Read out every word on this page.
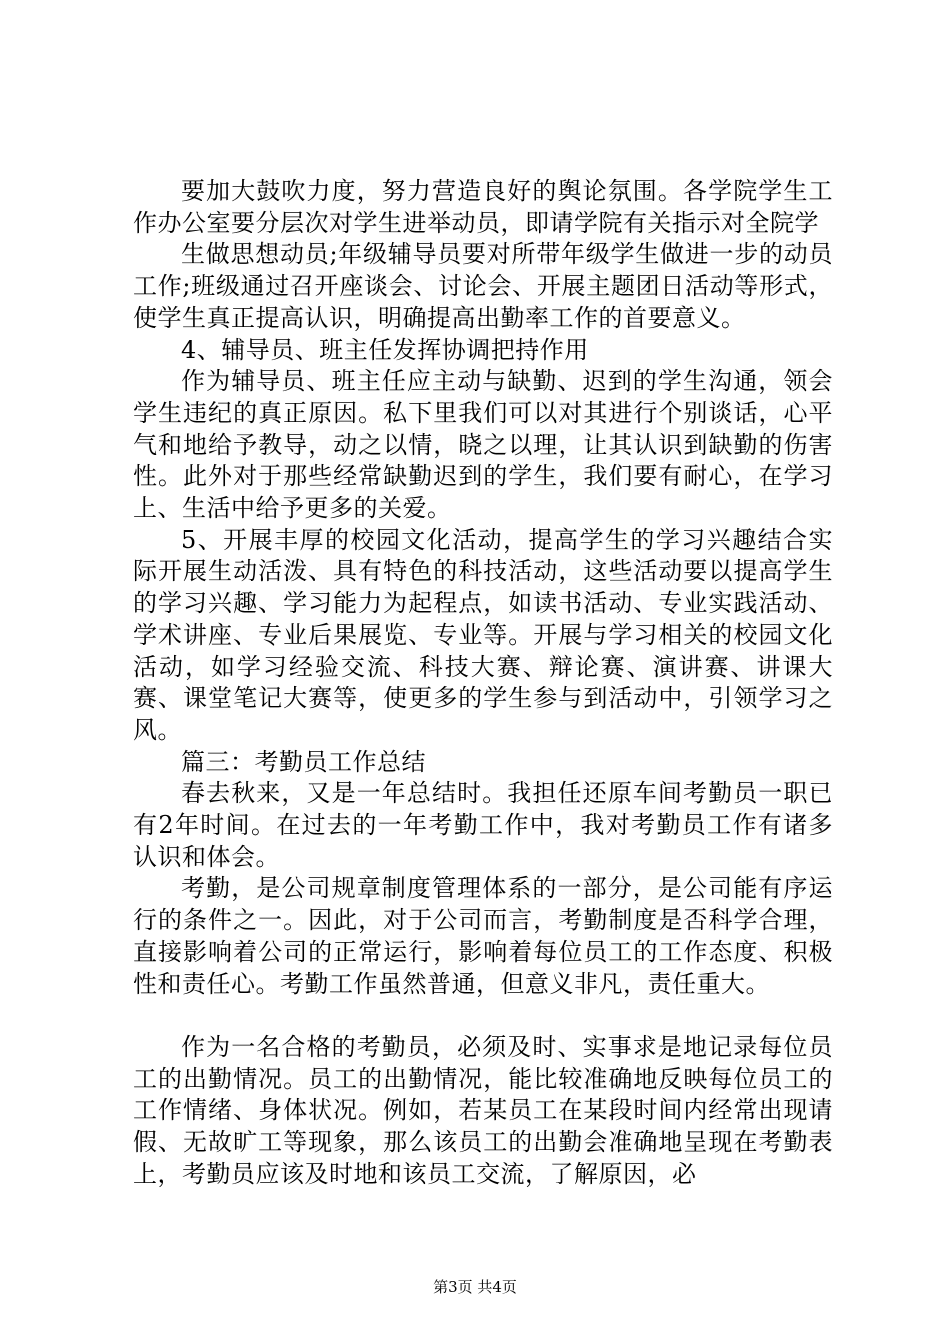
要加大鼓吹力度，努力营造良好的舆论氛围。各学院学生工作办公室要分层次对学生进举动员，即请学院有关指示对全院学

生做思想动员;年级辅导员要对所带年级学生做进一步的动员工作;班级通过召开座谈会、讨论会、开展主题团日活动等形式，使学生真正提高认识，明确提高出勤率工作的首要意义。

4、辅导员、班主任发挥协调把持作用

作为辅导员、班主任应主动与缺勤、迟到的学生沟通，领会学生违纪的真正原因。私下里我们可以对其进行个别谈话，心平气和地给予教导，动之以情，晓之以理，让其认识到缺勤的伤害性。此外对于那些经常缺勤迟到的学生，我们要有耐心，在学习上、生活中给予更多的关爱。

5、开展丰厚的校园文化活动，提高学生的学习兴趣结合实际开展生动活泼、具有特色的科技活动，这些活动要以提高学生的学习兴趣、学习能力为起程点，如读书活动、专业实践活动、学术讲座、专业后果展览、专业等。开展与学习相关的校园文化活动，如学习经验交流、科技大赛、辩论赛、演讲赛、讲课大赛、课堂笔记大赛等，使更多的学生参与到活动中，引领学习之风。

篇三：考勤员工作总结

春去秋来，又是一年总结时。我担任还原车间考勤员一职已有2年时间。在过去的一年考勤工作中，我对考勤员工作有诸多认识和体会。

考勤，是公司规章制度管理体系的一部分，是公司能有序运行的条件之一。因此，对于公司而言，考勤制度是否科学合理，直接影响着公司的正常运行，影响着每位员工的工作态度、积极性和责任心。考勤工作虽然普通，但意义非凡，责任重大。

作为一名合格的考勤员，必须及时、实事求是地记录每位员工的出勤情况。员工的出勤情况，能比较准确地反映每位员工的工作情绪、身体状况。例如，若某员工在某段时间内经常出现请假、无故旷工等现象，那么该员工的出勤会准确地呈现在考勤表上，考勤员应该及时地和该员工交流，了解原因，必

第3页 共4页
